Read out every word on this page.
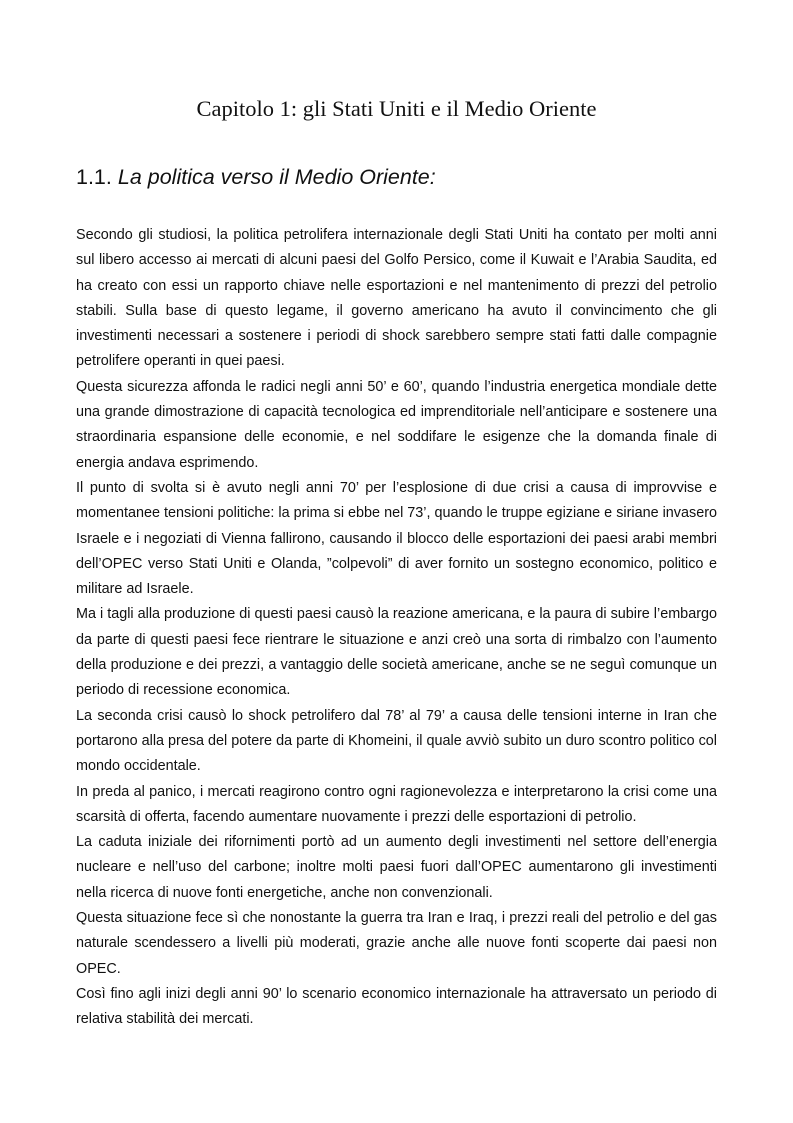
Capitolo 1: gli Stati Uniti e il Medio Oriente
1.1. La politica verso il Medio Oriente:

Secondo gli studiosi, la politica petrolifera internazionale degli Stati Uniti ha contato per molti anni sul libero accesso ai mercati di alcuni paesi del Golfo Persico, come il Kuwait e l’Arabia Saudita, ed ha creato con essi un rapporto chiave nelle esportazioni e nel mantenimento di prezzi del petrolio stabili. Sulla base di questo legame, il governo americano ha avuto il convincimento che gli investimenti necessari a sostenere i periodi di shock sarebbero sempre stati fatti dalle compagnie petrolifere operanti in quei paesi.

Questa sicurezza affonda le radici negli anni 50’ e 60’, quando l’industria energetica mondiale dette una grande dimostrazione di capacità tecnologica ed imprenditoriale nell’anticipare e sostenere una straordinaria espansione delle economie, e nel soddifare le esigenze che la domanda finale di energia andava esprimendo.

Il punto di svolta si è avuto negli anni 70’ per l’esplosione di due crisi a causa di improvvise e momentanee tensioni politiche: la prima si ebbe nel 73’, quando le truppe egiziane e siriane invasero Israele e i negoziati di Vienna fallirono, causando il blocco delle esportazioni dei paesi arabi membri dell’OPEC verso Stati Uniti e Olanda, ”colpevoli” di aver fornito un sostegno economico, politico e militare ad Israele.

Ma i tagli alla produzione di questi paesi causò la reazione americana, e la paura di subire l’embargo da parte di questi paesi fece rientrare le situazione e anzi creò una sorta di rimbalzo con l’aumento della produzione e dei prezzi, a vantaggio delle società americane, anche se ne seguì comunque un periodo di recessione economica.

La seconda crisi causò lo shock petrolifero dal 78’ al 79’ a causa delle tensioni interne in Iran che portarono alla presa del potere da parte di Khomeini, il quale avviò subito un duro scontro politico col mondo occidentale.

In preda al panico, i mercati reagirono contro ogni ragionevolezza e interpretarono la crisi come una scarsità di offerta, facendo aumentare nuovamente i prezzi delle esportazioni di petrolio.

La caduta iniziale dei rifornimenti portò ad un aumento degli investimenti nel settore dell’energia nucleare e nell’uso del carbone; inoltre molti paesi fuori dall’OPEC aumentarono gli investimenti nella ricerca di nuove fonti energetiche, anche non convenzionali.

Questa situazione fece sì che nonostante la guerra tra Iran e Iraq, i prezzi reali del petrolio e del gas naturale scendessero a livelli più moderati, grazie anche alle nuove fonti scoperte dai paesi non OPEC.

Così fino agli inizi degli anni 90’ lo scenario economico internazionale ha attraversato un periodo di relativa stabilità dei mercati.
